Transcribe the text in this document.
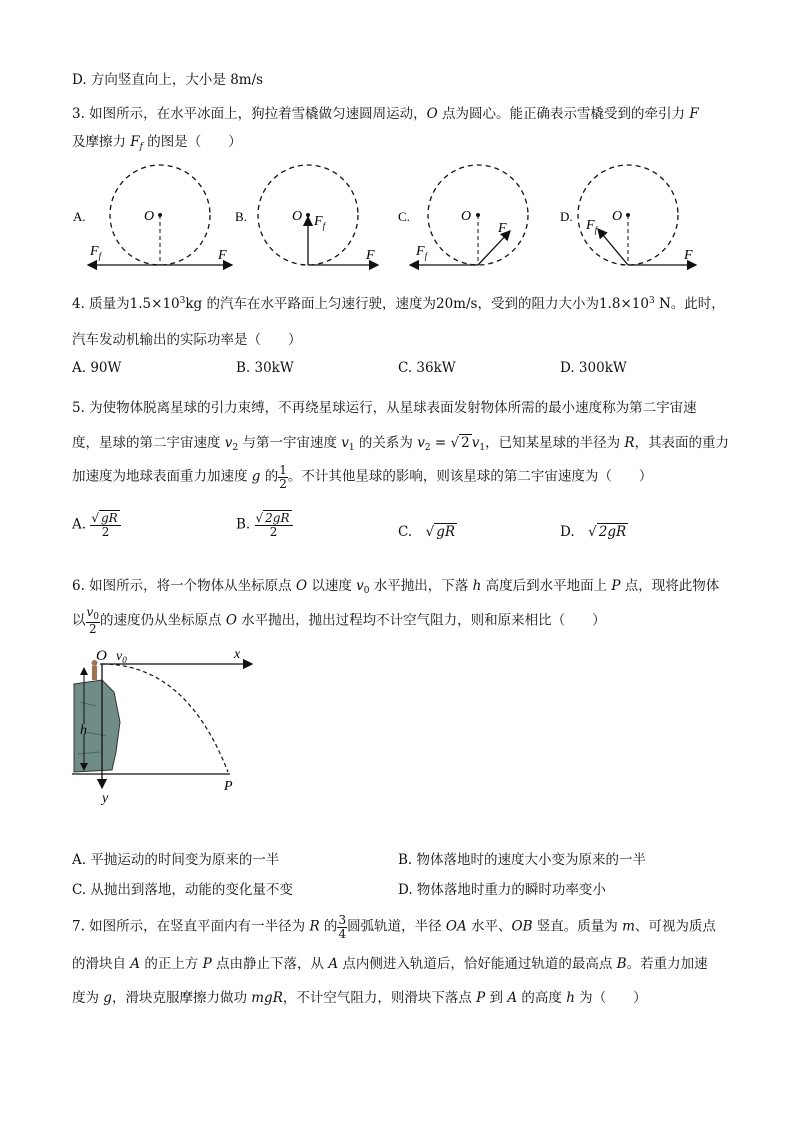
D. 方向竖直向上，大小是 8m/s
3. 如图所示，在水平冰面上，狗拉着雪橇做匀速圆周运动，O 点为圆心。能正确表示雪橇受到的牵引力 F
及摩擦力 $F_f$ 的图是（　　）
A.	O
$F_f$	F
B.	O $F_f$
F
C.	O
$F_f$
F
D.	O
$F_f$
F
4. 质量为$1.5\times 10^3kg$ 的汽车在水平路面上匀速行驶，速度为20m/s，受到的阻力大小为$1.8\times 10^3$ N。此时，
汽车发动机输出的实际功率是（　　）
A. 90W	B. 30kW	C. 36kW	D. 300kW
5. 为使物体脱离星球的引力束缚，不再绕星球运行，从星球表面发射物体所需的最小速度称为第二宇宙速
度，星球的第二宇宙速度 $v_2$ 与第一宇宙速度 $v_1$ 的关系为 $v_2$ = √ 2 $v_1$，已知某星球的半径为 R，其表面的重力
加速度为地球表面重力加速度 g 的 $\frac{1}{2}$ 。不计其他星球的影响，则该星球的第二宇宙速度为（　　）
A. $\frac{√ gR}{2}$	B. $\frac{√ 2gR}{2}$	C.　√ gR	D.　√ 2gR
6. 如图所示，将一个物体从坐标原点 O 以速度 $v_0$ 水平抛出，下落 h 高度后到水平地面上 P 点，现将此物体
以 $\frac{v_0}{2}$ 的速度仍从坐标原点 O 水平抛出，抛出过程均不计空气阻力，则和原来相比（　　）
O $v_0$	x
h
y
P
A. 平抛运动的时间变为原来的一半	B. 物体落地时的速度大小变为原来的一半
C. 从抛出到落地，动能的变化量不变	D. 物体落地时重力的瞬时功率变小
7. 如图所示，在竖直平面内有一半径为 R 的 $\frac{3}{4}$ 圆弧轨道，半径 OA 水平、OB 竖直。质量为 m、可视为质点
的滑块自 A 的正上方 P 点由静止下落，从 A 点内侧进入轨道后，恰好能通过轨道的最高点 B。若重力加速
度为 g，滑块克服摩擦力做功 mgR，不计空气阻力，则滑块下落点 P 到 A 的高度 h 为（　　）
